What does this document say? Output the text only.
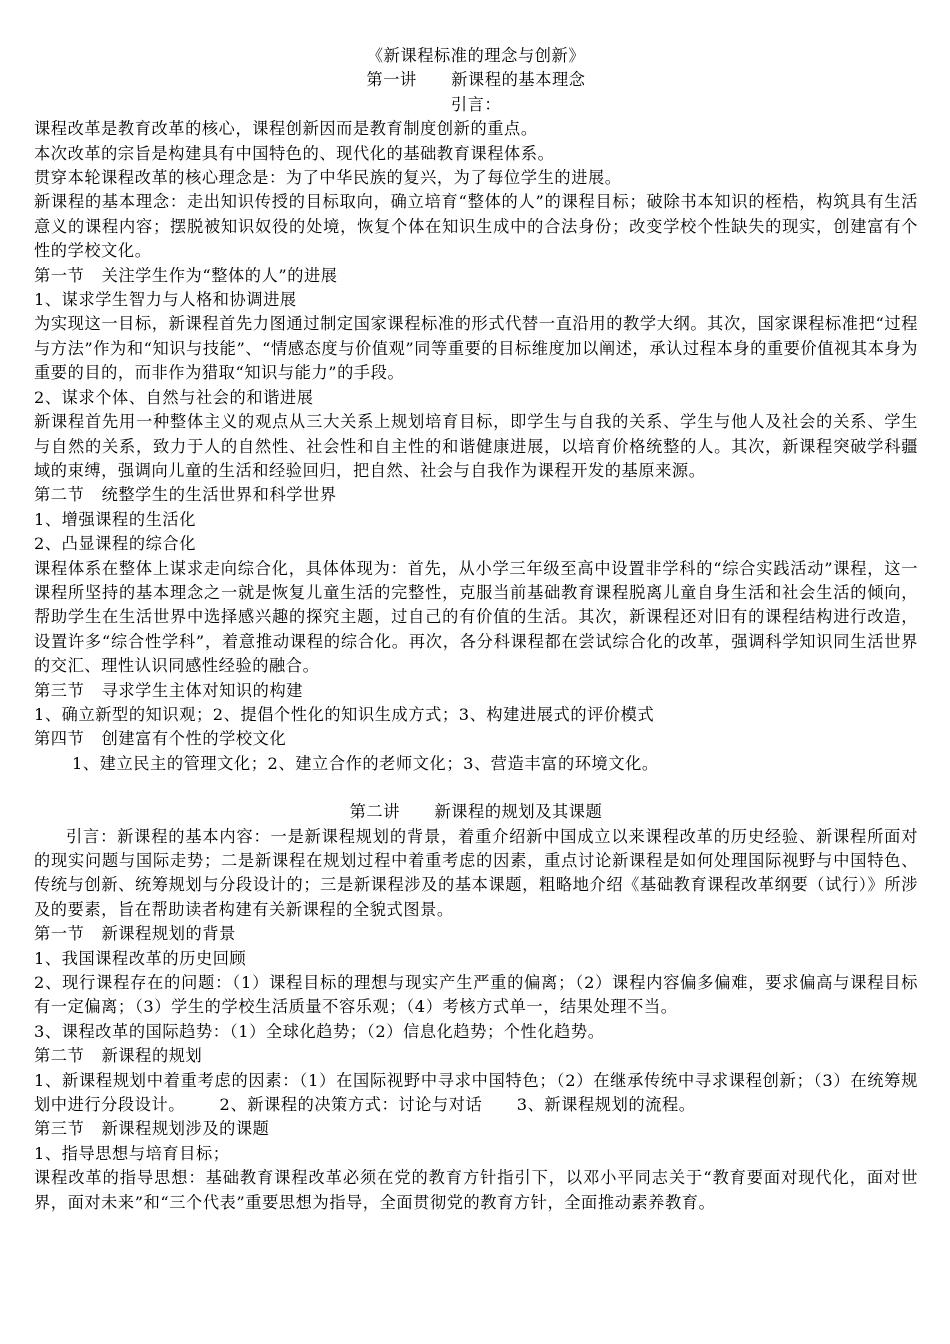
《新课程标准的理念与创新》
第一讲      新课程的基本理念
引言：

课程改革是教育改革的核心，课程创新因而是教育制度创新的重点。

本次改革的宗旨是构建具有中国特色的、现代化的基础教育课程体系。

贯穿本轮课程改革的核心理念是：为了中华民族的复兴，为了每位学生的进展。

新课程的基本理念：走出知识传授的目标取向，确立培育“整体的人”的课程目标；破除书本知识的桎梏，构筑具有生活意义的课程内容；摆脱被知识奴役的处境，恢复个体在知识生成中的合法身份；改变学校个性缺失的现实，创建富有个性的学校文化。

第一节   关注学生作为“整体的人”的进展

1、谋求学生智力与人格和协调进展

为实现这一目标，新课程首先力图通过制定国家课程标准的形式代替一直沿用的教学大纲。其次，国家课程标准把“过程与方法”作为和“知识与技能”、“情感态度与价值观”同等重要的目标维度加以阐述，承认过程本身的重要价值视其本身为重要的目的，而非作为猎取“知识与能力”的手段。

2、谋求个体、自然与社会的和谐进展

新课程首先用一种整体主义的观点从三大关系上规划培育目标，即学生与自我的关系、学生与他人及社会的关系、学生与自然的关系，致力于人的自然性、社会性和自主性的和谐健康进展，以培育价格统整的人。其次，新课程突破学科疆域的束缚，强调向儿童的生活和经验回归，把自然、社会与自我作为课程开发的基原来源。

第二节   统整学生的生活世界和科学世界

1、增强课程的生活化

2、凸显课程的综合化

课程体系在整体上谋求走向综合化，具体体现为：首先，从小学三年级至高中设置非学科的“综合实践活动”课程，这一课程所坚持的基本理念之一就是恢复儿童生活的完整性，克服当前基础教育课程脱离儿童自身生活和社会生活的倾向，帮助学生在生活世界中选择感兴趣的探究主题，过自己的有价值的生活。其次，新课程还对旧有的课程结构进行改造，设置许多“综合性学科”，着意推动课程的综合化。再次，各分科课程都在尝试综合化的改革，强调科学知识同生活世界的交汇、理性认识同感性经验的融合。

第三节   寻求学生主体对知识的构建

1、确立新型的知识观；2、提倡个性化的知识生成方式；3、构建进展式的评价模式

第四节   创建富有个性的学校文化

1、建立民主的管理文化；2、建立合作的老师文化；3、营造丰富的环境文化。

第二讲      新课程的规划及其课题

引言：新课程的基本内容：一是新课程规划的背景，着重介绍新中国成立以来课程改革的历史经验、新课程所面对的现实问题与国际走势；二是新课程在规划过程中着重考虑的因素，重点讨论新课程是如何处理国际视野与中国特色、传统与创新、统筹规划与分段设计的；三是新课程涉及的基本课题，粗略地介绍《基础教育课程改革纲要（试行）》所涉及的要素，旨在帮助读者构建有关新课程的全貌式图景。

第一节   新课程规划的背景

1、我国课程改革的历史回顾

2、现行课程存在的问题：（1）课程目标的理想与现实产生严重的偏离；（2）课程内容偏多偏难，要求偏高与课程目标有一定偏离；（3）学生的学校生活质量不容乐观；（4）考核方式单一，结果处理不当。

3、课程改革的国际趋势：（1）全球化趋势；（2）信息化趋势；个性化趋势。

第二节   新课程的规划

1、新课程规划中着重考虑的因素：（1）在国际视野中寻求中国特色；（2）在继承传统中寻求课程创新；（3）在统筹规划中进行分段设计。      2、新课程的决策方式：讨论与对话      3、新课程规划的流程。

第三节   新课程规划涉及的课题

1、指导思想与培育目标；

课程改革的指导思想：基础教育课程改革必须在党的教育方针指引下，以邓小平同志关于“教育要面对现代化，面对世界，面对未来”和“三个代表”重要思想为指导，全面贯彻党的教育方针，全面推动素养教育。
